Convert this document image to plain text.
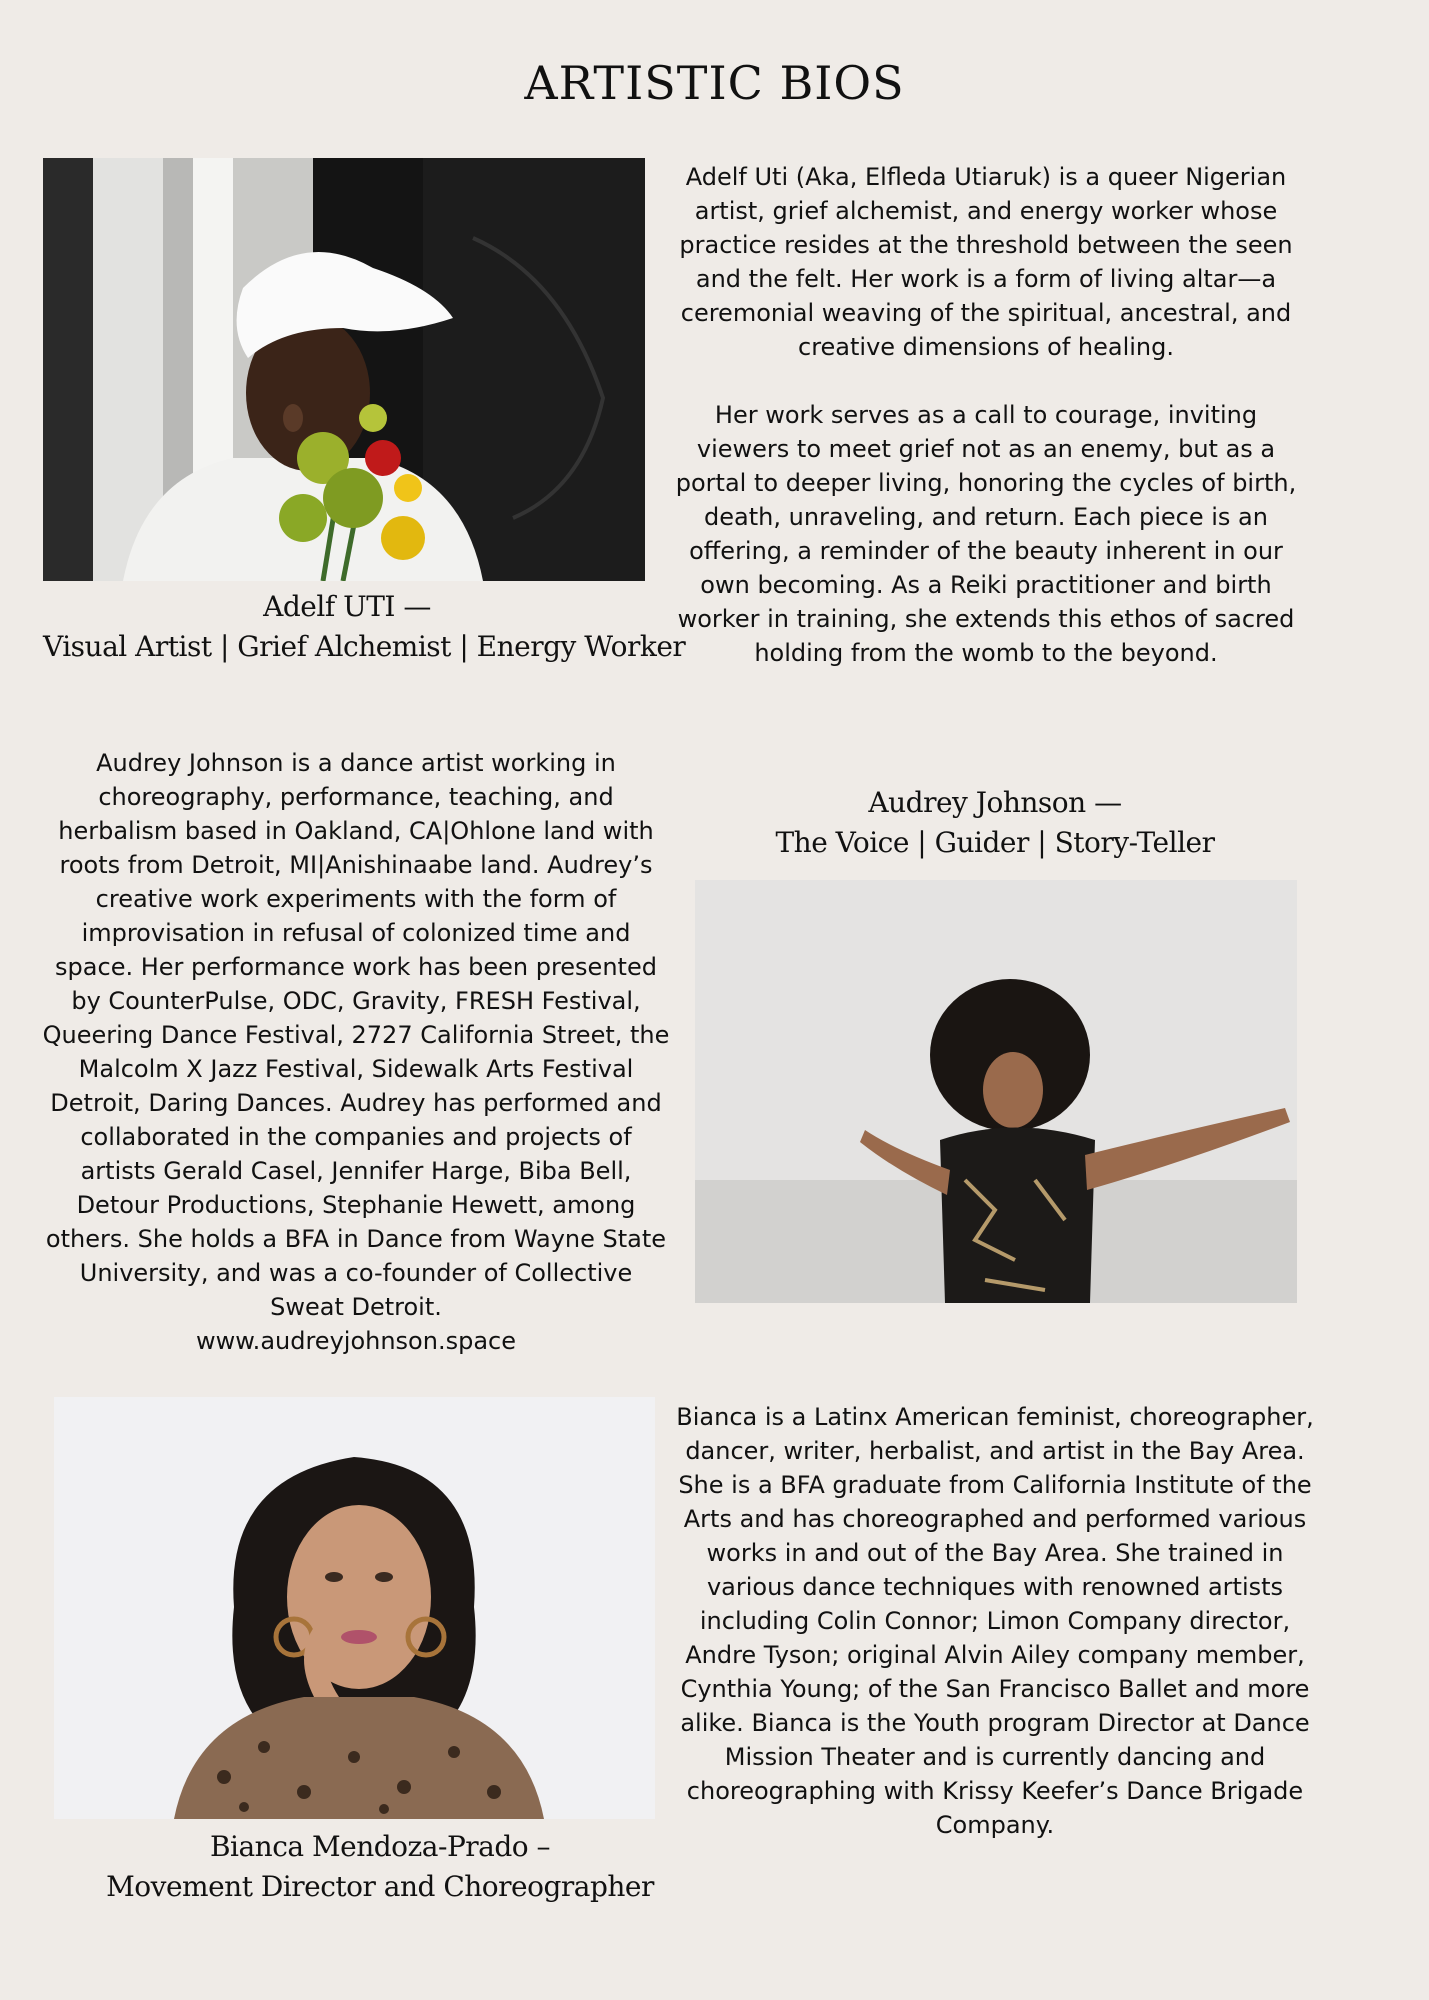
ARTISTIC BIOS
Adelf UTI —
Visual Artist | Grief Alchemist | Energy Worker

Adelf Uti (Aka, Elfleda Utiaruk) is a queer Nigerian artist, grief alchemist, and energy worker whose practice resides at the threshold between the seen and the felt. Her work is a form of living altar—a ceremonial weaving of the spiritual, ancestral, and creative dimensions of healing.

Her work serves as a call to courage, inviting viewers to meet grief not as an enemy, but as a portal to deeper living, honoring the cycles of birth, death, unraveling, and return. Each piece is an offering, a reminder of the beauty inherent in our own becoming. As a Reiki practitioner and birth worker in training, she extends this ethos of sacred holding from the womb to the beyond.

Audrey Johnson is a dance artist working in choreography, performance, teaching, and herbalism based in Oakland, CA|Ohlone land with roots from Detroit, MI|Anishinaabe land. Audrey’s creative work experiments with the form of improvisation in refusal of colonized time and space. Her performance work has been presented by CounterPulse, ODC, Gravity, FRESH Festival, Queering Dance Festival, 2727 California Street, the Malcolm X Jazz Festival, Sidewalk Arts Festival Detroit, Daring Dances. Audrey has performed and collaborated in the companies and projects of artists Gerald Casel, Jennifer Harge, Biba Bell, Detour Productions, Stephanie Hewett, among others. She holds a BFA in Dance from Wayne State University, and was a co-founder of Collective Sweat Detroit.

www.audreyjohnson.space

Audrey Johnson —
The Voice | Guider | Story-Teller
Bianca Mendoza-Prado –
Movement Director and Choreographer

Bianca is a Latinx American feminist, choreographer, dancer, writer, herbalist, and artist in the Bay Area. She is a BFA graduate from California Institute of the Arts and has choreographed and performed various works in and out of the Bay Area. She trained in various dance techniques with renowned artists including Colin Connor; Limon Company director, Andre Tyson; original Alvin Ailey company member, Cynthia Young; of the San Francisco Ballet and more alike. Bianca is the Youth program Director at Dance Mission Theater and is currently dancing and choreographing with Krissy Keefer’s Dance Brigade Company.
